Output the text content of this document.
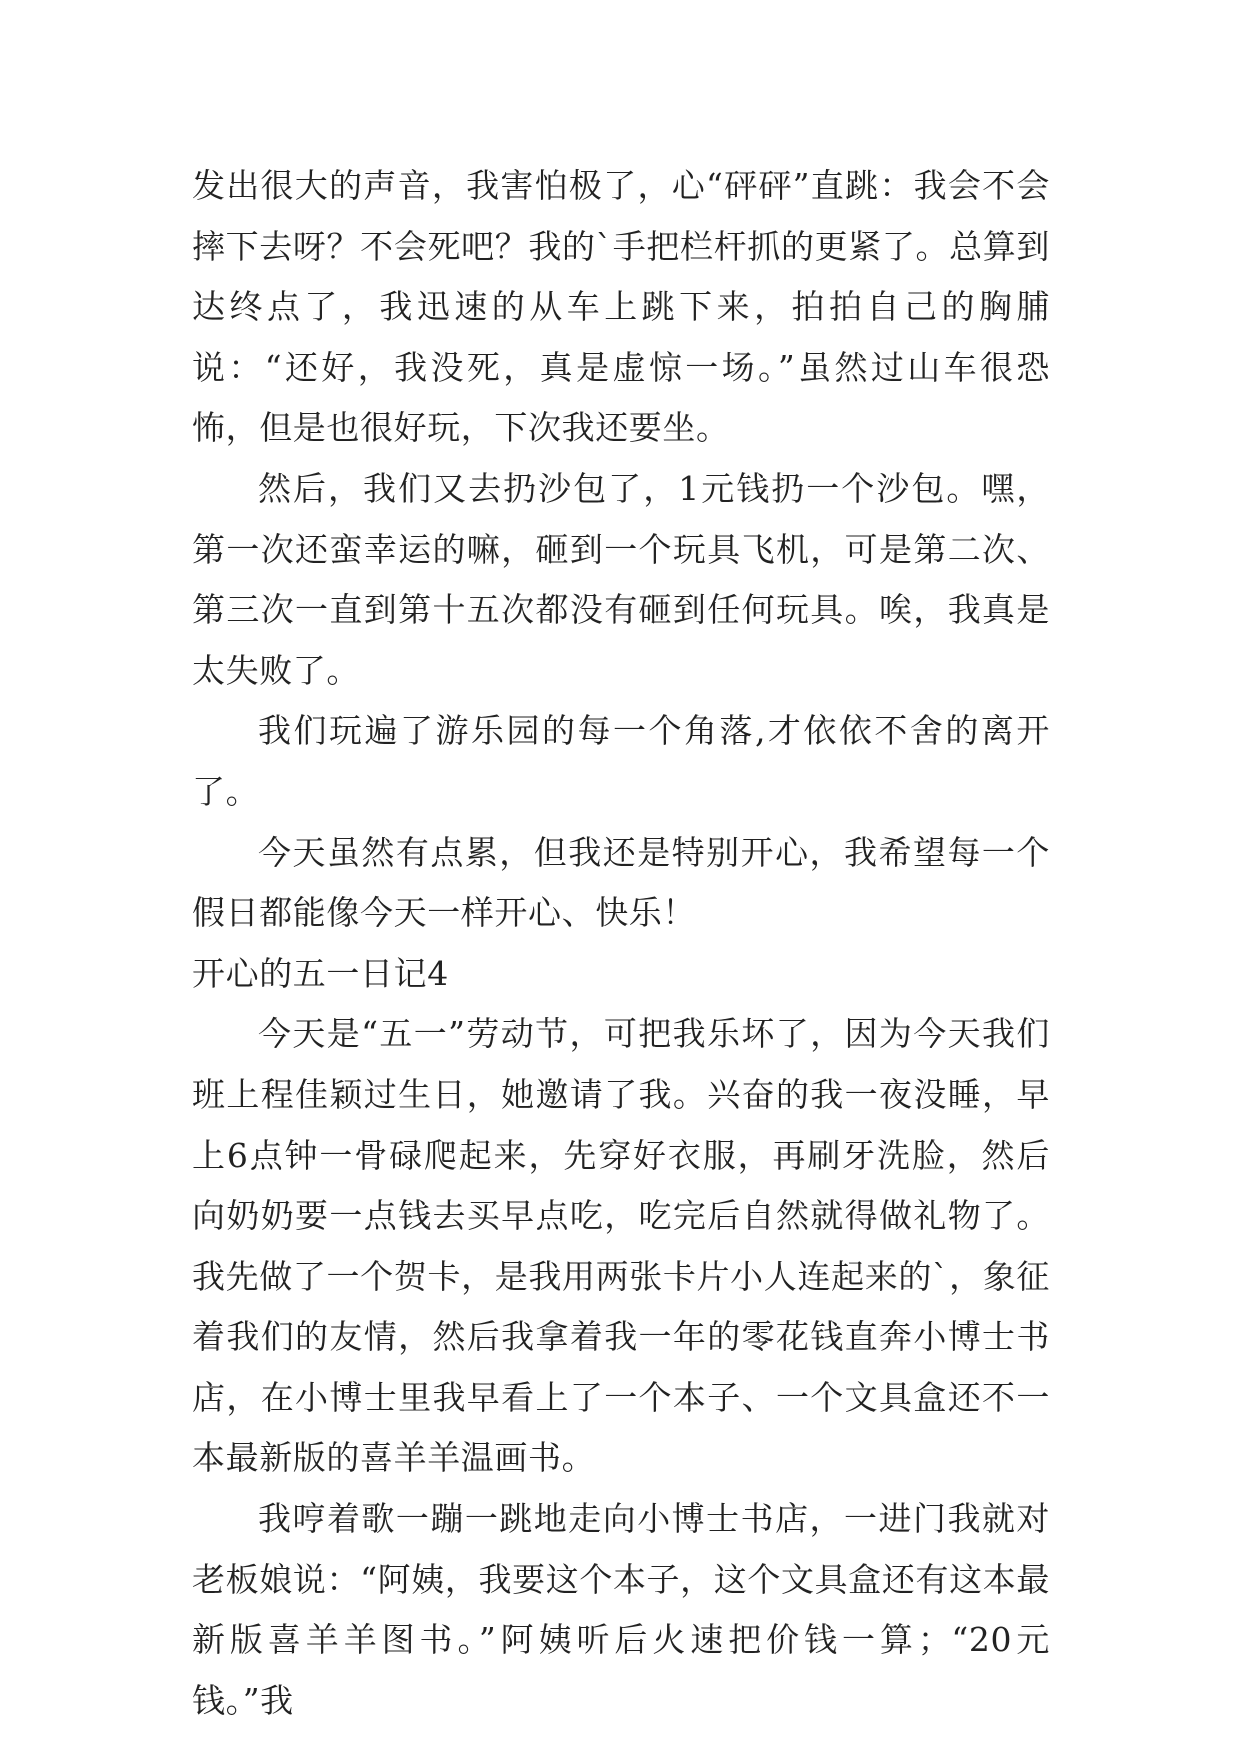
发出很大的声音，我害怕极了，心“砰砰”直跳：我会不会摔下去呀？不会死吧？我的`手把栏杆抓的更紧了。总算到达终点了，我迅速的从车上跳下来，拍拍自己的胸脯说：“还好，我没死，真是虚惊一场。”虽然过山车很恐怖，但是也很好玩，下次我还要坐。

然后，我们又去扔沙包了，1元钱扔一个沙包。嘿，第一次还蛮幸运的嘛，砸到一个玩具飞机，可是第二次、第三次一直到第十五次都没有砸到任何玩具。唉，我真是太失败了。

我们玩遍了游乐园的每一个角落,才依依不舍的离开了。

今天虽然有点累，但我还是特别开心，我希望每一个假日都能像今天一样开心、快乐！

开心的五一日记4

今天是“五一”劳动节，可把我乐坏了，因为今天我们班上程佳颖过生日，她邀请了我。兴奋的我一夜没睡，早上6点钟一骨碌爬起来，先穿好衣服，再刷牙洗脸，然后向奶奶要一点钱去买早点吃，吃完后自然就得做礼物了。我先做了一个贺卡，是我用两张卡片小人连起来的`，象征着我们的友情，然后我拿着我一年的零花钱直奔小博士书店，在小博士里我早看上了一个本子、一个文具盒还不一本最新版的喜羊羊温画书。

我哼着歌一蹦一跳地走向小博士书店，一进门我就对老板娘说：“阿姨，我要这个本子，这个文具盒还有这本最新版喜羊羊图书。”阿姨听后火速把价钱一算；“20元钱。”我
